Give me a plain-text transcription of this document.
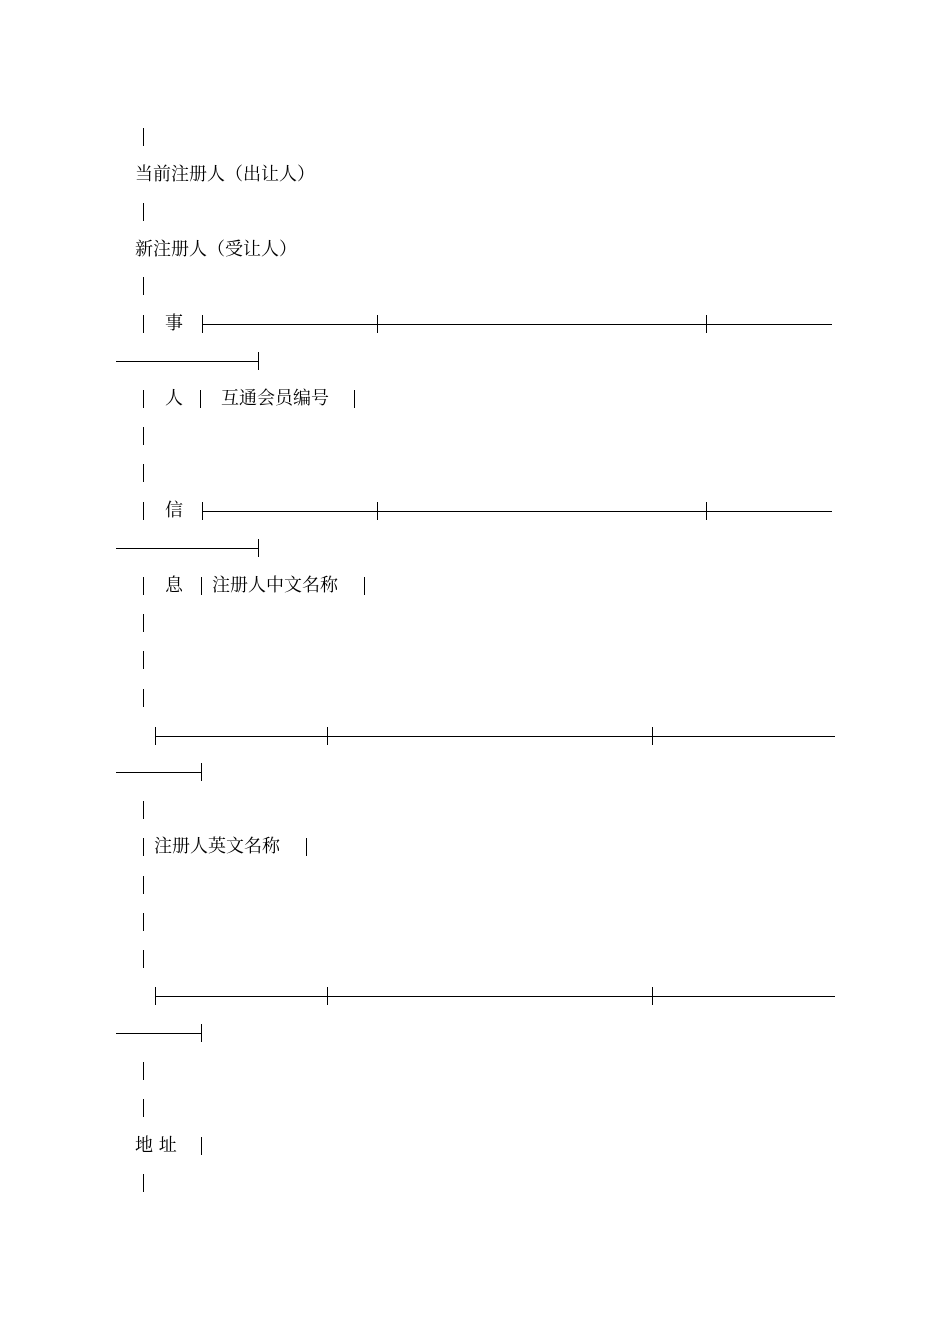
当前注册人（出让人）
新注册人（受让人）
事
人 互通会员编号
信
息 注册人中文名称
注册人英文名称
地 址
